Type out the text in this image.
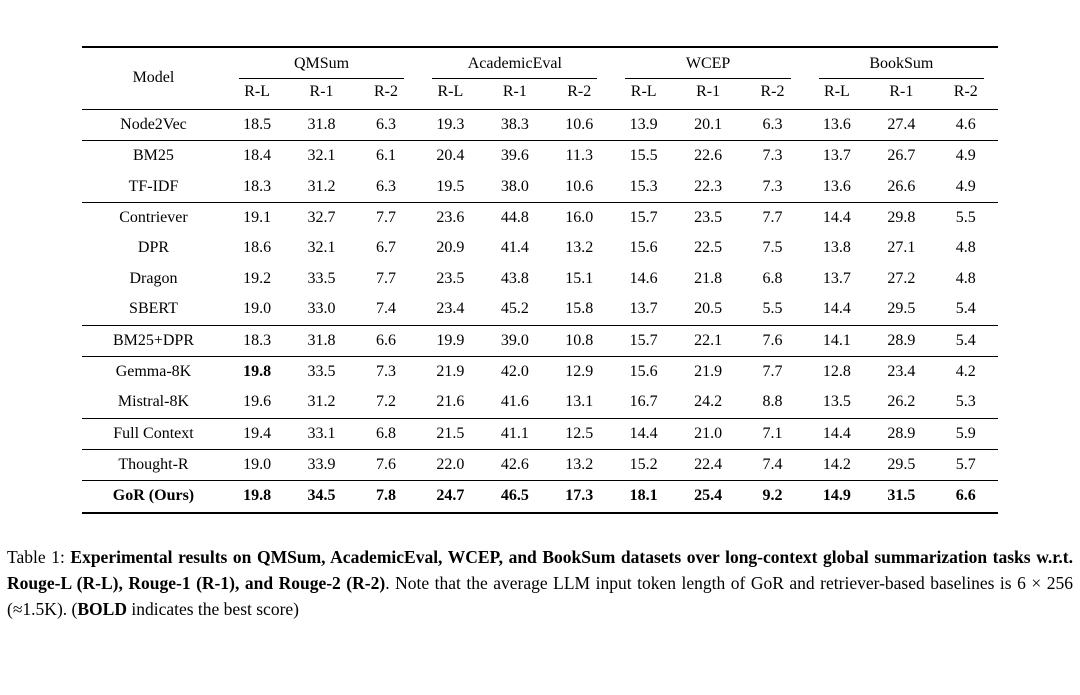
Model	QMSum			AcademicEval			WCEP			BookSum		

	R-L	R-1	R-2	R-L	R-1	R-2	R-L	R-1	R-2	R-L	R-1	R-2
Node2Vec	18.5	31.8	6.3	19.3	38.3	10.6	13.9	20.1	6.3	13.6	27.4	4.6
BM25	18.4	32.1	6.1	20.4	39.6	11.3	15.5	22.6	7.3	13.7	26.7	4.9
TF-IDF	18.3	31.2	6.3	19.5	38.0	10.6	15.3	22.3	7.3	13.6	26.6	4.9
Contriever	19.1	32.7	7.7	23.6	44.8	16.0	15.7	23.5	7.7	14.4	29.8	5.5
DPR	18.6	32.1	6.7	20.9	41.4	13.2	15.6	22.5	7.5	13.8	27.1	4.8
Dragon	19.2	33.5	7.7	23.5	43.8	15.1	14.6	21.8	6.8	13.7	27.2	4.8
SBERT	19.0	33.0	7.4	23.4	45.2	15.8	13.7	20.5	5.5	14.4	29.5	5.4
BM25+DPR	18.3	31.8	6.6	19.9	39.0	10.8	15.7	22.1	7.6	14.1	28.9	5.4
Gemma-8K	19.8	33.5	7.3	21.9	42.0	12.9	15.6	21.9	7.7	12.8	23.4	4.2
Mistral-8K	19.6	31.2	7.2	21.6	41.6	13.1	16.7	24.2	8.8	13.5	26.2	5.3
Full Context	19.4	33.1	6.8	21.5	41.1	12.5	14.4	21.0	7.1	14.4	28.9	5.9
Thought-R	19.0	33.9	7.6	22.0	42.6	13.2	15.2	22.4	7.4	14.2	29.5	5.7
GoR (Ours)	19.8	34.5	7.8	24.7	46.5	17.3	18.1	25.4	9.2	14.9	31.5	6.6

Table 1: Experimental results on QMSum, AcademicEval, WCEP, and BookSum datasets over long-context global summarization tasks w.r.t. Rouge-L (R-L), Rouge-1 (R-1), and Rouge-2 (R-2). Note that the average LLM input token length of GoR and retriever-based baselines is 6 × 256 (≈1.5K). (BOLD indicates the best score)
